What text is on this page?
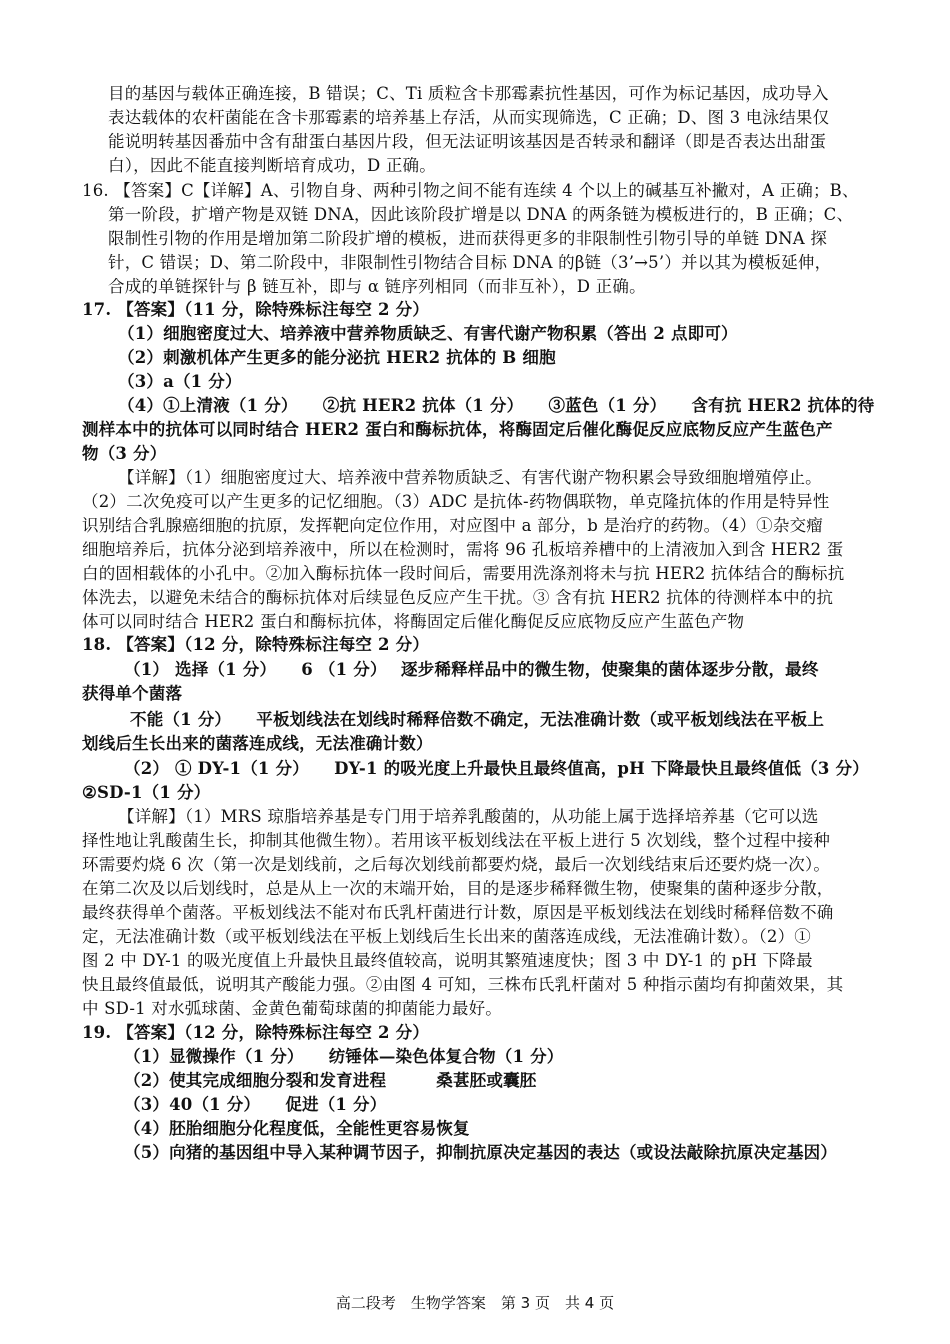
目的基因与载体正确连接，B 错误；C、Ti 质粒含卡那霉素抗性基因，可作为标记基因，成功导入
表达载体的农杆菌能在含卡那霉素的培养基上存活，从而实现筛选，C 正确；D、图 3 电泳结果仅
能说明转基因番茄中含有甜蛋白基因片段，但无法证明该基因是否转录和翻译（即是否表达出甜蛋
白），因此不能直接判断培育成功，D 正确。
16. 【答案】C【详解】A、引物自身、两种引物之间不能有连续 4 个以上的碱基互补撇对，A 正确；B、
第一阶段，扩增产物是双链 DNA，因此该阶段扩增是以 DNA 的两条链为模板进行的，B 正确；C、
限制性引物的作用是增加第二阶段扩增的模板，进而获得更多的非限制性引物引导的单链 DNA 探
针，C 错误；D、第二阶段中，非限制性引物结合目标 DNA 的β链（3’→5’）并以其为模板延伸，
合成的单链探针与 β 链互补，即与 α 链序列相同（而非互补），D 正确。
17. 【答案】（11 分，除特殊标注每空 2 分）
（1）细胞密度过大、培养液中营养物质缺乏、有害代谢产物积累（答出 2 点即可）
（2）刺激机体产生更多的能分泌抗 HER2 抗体的 B 细胞
（3）a（1 分）
（4）①上清液（1 分）　　②抗 HER2 抗体（1 分）　　③蓝色（1 分）　　含有抗 HER2 抗体的待
测样本中的抗体可以同时结合 HER2 蛋白和酶标抗体，将酶固定后催化酶促反应底物反应产生蓝色产
物（3 分）
【详解】（1）细胞密度过大、培养液中营养物质缺乏、有害代谢产物积累会导致细胞增殖停止。
（2）二次免疫可以产生更多的记忆细胞。（3）ADC 是抗体-药物偶联物，单克隆抗体的作用是特异性
识别结合乳腺癌细胞的抗原，发挥靶向定位作用，对应图中 a 部分，b 是治疗的药物。（4）①杂交瘤
细胞培养后，抗体分泌到培养液中，所以在检测时，需将 96 孔板培养槽中的上清液加入到含 HER2 蛋
白的固相载体的小孔中。②加入酶标抗体一段时间后，需要用洗涤剂将未与抗 HER2 抗体结合的酶标抗
体洗去，以避免未结合的酶标抗体对后续显色反应产生干扰。③ 含有抗 HER2 抗体的待测样本中的抗
体可以同时结合 HER2 蛋白和酶标抗体，将酶固定后催化酶促反应底物反应产生蓝色产物
18. 【答案】（12 分，除特殊标注每空 2 分）
（1） 选择（1 分）　　6 （1 分）　 逐步稀释样品中的微生物，使聚集的菌体逐步分散，最终
获得单个菌落
不能（1 分）　　平板划线法在划线时稀释倍数不确定，无法准确计数（或平板划线法在平板上
划线后生长出来的菌落连成线，无法准确计数）
（2） ① DY-1（1 分）　　DY-1 的吸光度上升最快且最终值高，pH 下降最快且最终值低（3 分）
②SD-1（1 分）
【详解】（1）MRS 琼脂培养基是专门用于培养乳酸菌的，从功能上属于选择培养基（它可以选
择性地让乳酸菌生长，抑制其他微生物）。若用该平板划线法在平板上进行 5 次划线，整个过程中接种
环需要灼烧 6 次（第一次是划线前，之后每次划线前都要灼烧，最后一次划线结束后还要灼烧一次）。
在第二次及以后划线时，总是从上一次的末端开始，目的是逐步稀释微生物，使聚集的菌种逐步分散，
最终获得单个菌落。平板划线法不能对布氏乳杆菌进行计数，原因是平板划线法在划线时稀释倍数不确
定，无法准确计数（或平板划线法在平板上划线后生长出来的菌落连成线，无法准确计数）。（2）①
图 2 中 DY-1 的吸光度值上升最快且最终值较高，说明其繁殖速度快；图 3 中 DY-1 的 pH 下降最
快且最终值最低，说明其产酸能力强。②由图 4 可知，三株布氏乳杆菌对 5 种指示菌均有抑菌效果，其
中 SD-1 对水弧球菌、金黄色葡萄球菌的抑菌能力最好。
19. 【答案】（12 分，除特殊标注每空 2 分）
（1）显微操作（1 分）　　纺锤体—染色体复合物（1 分）
（2）使其完成细胞分裂和发育进程　　　桑葚胚或囊胚
（3）40（1 分）　　促进（1 分）
（4）胚胎细胞分化程度低，全能性更容易恢复
（5）向猪的基因组中导入某种调节因子，抑制抗原决定基因的表达（或设法敲除抗原决定基因）
高二段考　生物学答案　第 3 页　共 4 页
